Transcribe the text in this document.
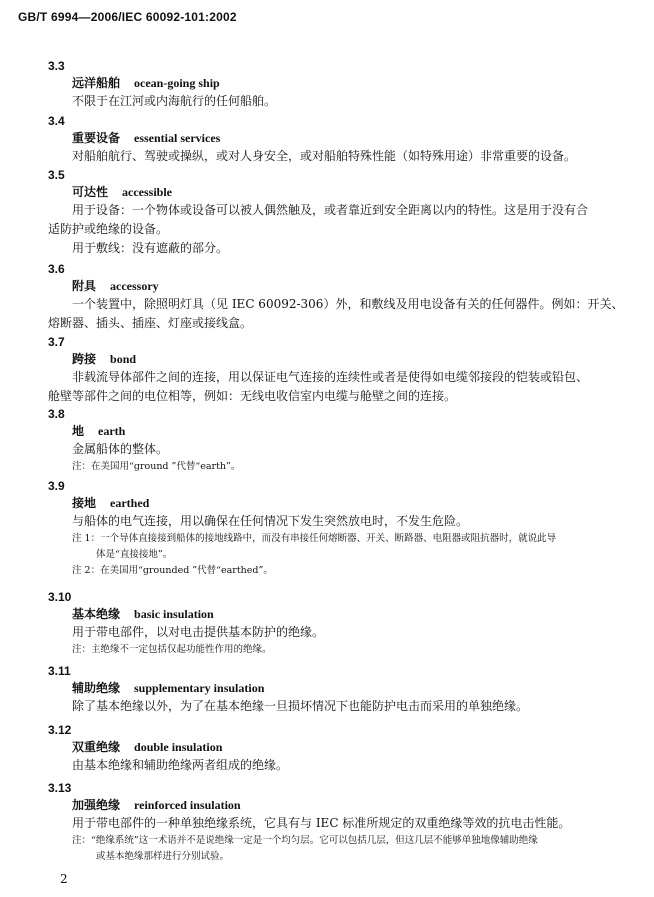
GB/T 6994—2006/IEC 60092-101:2002
3.3
远洋船舶 ocean-going ship
不限于在江河或内海航行的任何船舶。
3.4
重要设备 essential services
对船舶航行、驾驶或操纵，或对人身安全，或对船舶特殊性能（如特殊用途）非常重要的设备。
3.5
可达性 accessible
用于设备：一个物体或设备可以被人偶然触及，或者靠近到安全距离以内的特性。这是用于没有合
适防护或绝缘的设备。
用于敷线：没有遮蔽的部分。
3.6
附具 accessory
一个装置中，除照明灯具（见 IEC 60092-306）外，和敷线及用电设备有关的任何器件。例如：开关、
熔断器、插头、插座、灯座或接线盒。
3.7
跨接 bond
非载流导体部件之间的连接，用以保证电气连接的连续性或者是使得如电缆邻接段的铠装或铅包、
舱壁等部件之间的电位相等，例如：无线电收信室内电缆与舱壁之间的连接。
3.8
地 earth
金属船体的整体。
注：在美国用“ground ”代替“earth”。
3.9
接地 earthed
与船体的电气连接，用以确保在任何情况下发生突然放电时，不发生危险。
注 1：一个导体直接接到船体的接地线路中，而没有串接任何熔断器、开关、断路器、电阻器或阻抗器时，就说此导
体是“直接接地”。
注 2：在美国用“grounded ”代替“earthed”。
3.10
基本绝缘 basic insulation
用于带电部件，以对电击提供基本防护的绝缘。
注：主绝缘不一定包括仅起功能性作用的绝缘。
3.11
辅助绝缘 supplementary insulation
除了基本绝缘以外，为了在基本绝缘一旦损坏情况下也能防护电击而采用的单独绝缘。
3.12
双重绝缘 double insulation
由基本绝缘和辅助绝缘两者组成的绝缘。
3.13
加强绝缘 reinforced insulation
用于带电部件的一种单独绝缘系统，它具有与 IEC 标准所规定的双重绝缘等效的抗电击性能。
注：“绝缘系统”这一术语并不是说绝缘一定是一个均匀层。它可以包括几层，但这几层不能够单独地像辅助绝缘
或基本绝缘那样进行分别试验。
2
